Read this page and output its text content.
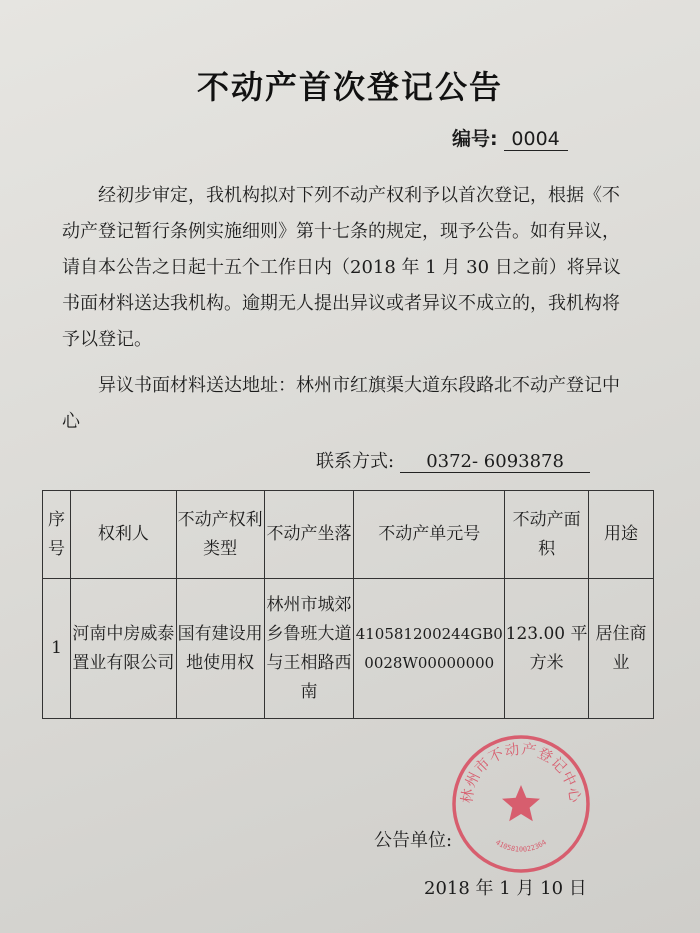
不动产首次登记公告
编号: 0004

经初步审定，我机构拟对下列不动产权利予以首次登记，根据《不动产登记暂行条例实施细则》第十七条的规定，现予公告。如有异议，请自本公告之日起十五个工作日内（2018 年 1 月 30 日之前）将异议书面材料送达我机构。逾期无人提出异议或者异议不成立的，我机构将予以登记。

异议书面材料送达地址：林州市红旗渠大道东段路北不动产登记中心

联系方式: 0372- 6093878
序号	权利人	不动产权利类型	不动产坐落	不动产单元号	不动产面积	用途
1	河南中房威泰置业有限公司	国有建设用地使用权	林州市城郊乡鲁班大道与王相路西南	410581200244GB00028W00000000	123.00 平方米	居住商业
林州市不动产登记中心
4105810022364
公告单位:
2018 年 1 月 10 日
